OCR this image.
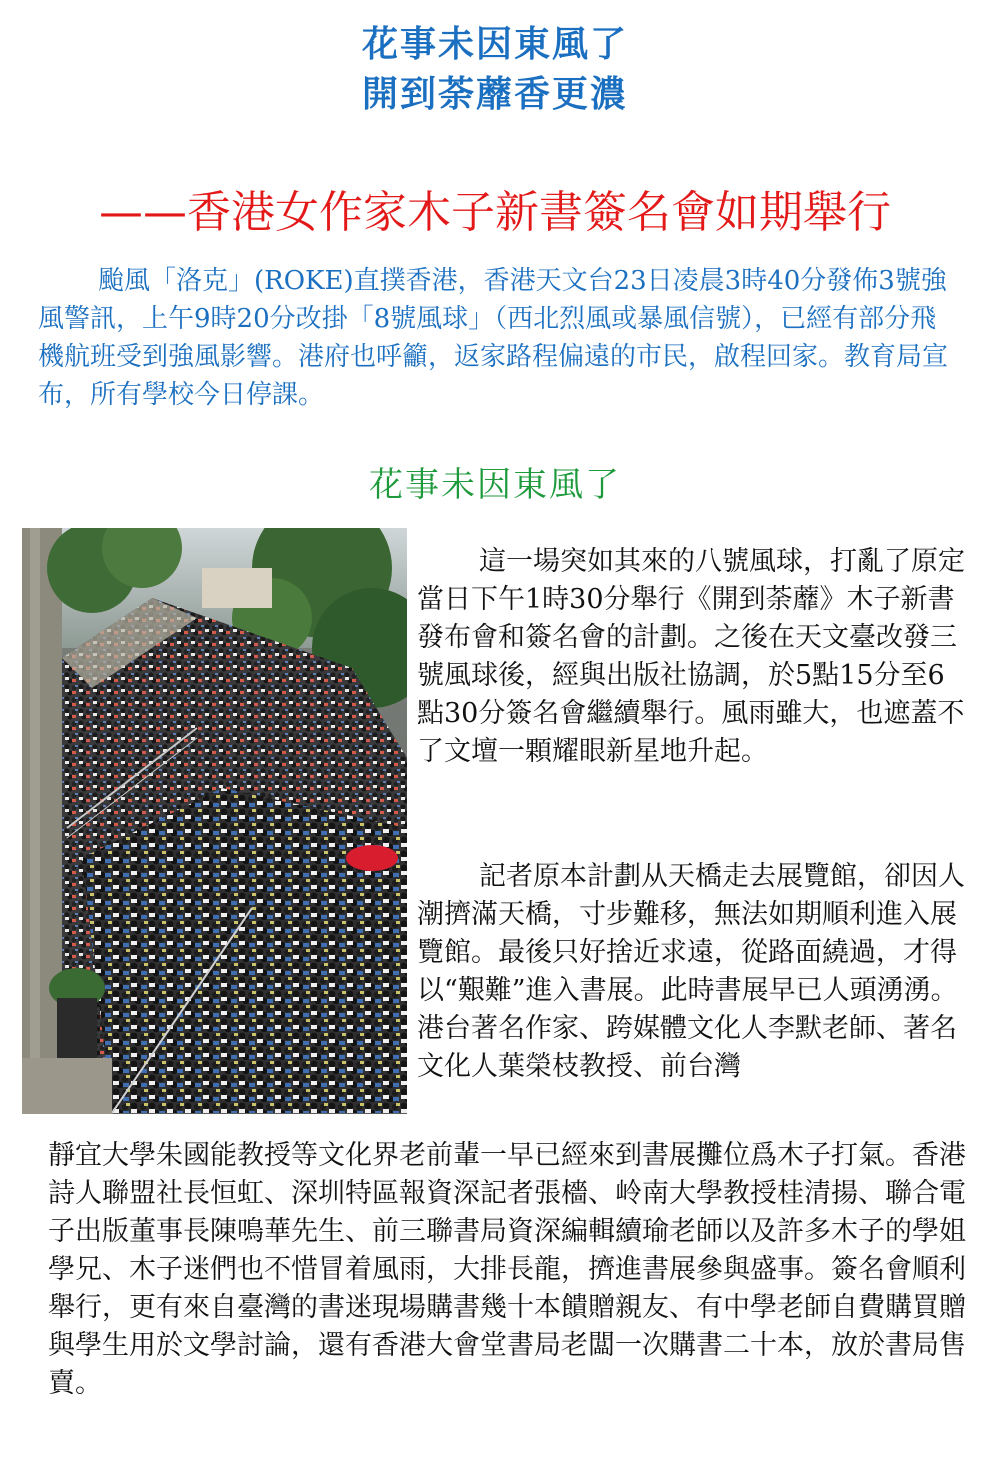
花事未因東風了
開到荼蘼香更濃
——香港女作家木子新書簽名會如期舉行
颱風「洛克」(ROKE)直撲香港，香港天文台23日凌晨3時40分發佈3號強風警訊，上午9時20分改掛「8號風球」（西北烈風或暴風信號），已經有部分飛機航班受到強風影響。港府也呼籲，返家路程偏遠的市民，啟程回家。教育局宣布，所有學校今日停課。
花事未因東風了
這一場突如其來的八號風球，打亂了原定當日下午1時30分舉行《開到荼蘼》木子新書發布會和簽名會的計劃。之後在天文臺改發三號風球後，經與出版社協調，於5點15分至6點30分簽名會繼續舉行。風雨雖大，也遮蓋不了文壇一顆耀眼新星地升起。
記者原本計劃从天橋走去展覽館，卻因人潮擠滿天橋，寸步難移，無法如期順利進入展覽館。最後只好捨近求遠，從路面繞過，才得以“艱難”進入書展。此時書展早已人頭湧湧。港台著名作家、跨媒體文化人李默老師、著名文化人葉榮枝教授、前台灣
靜宜大學朱國能教授等文化界老前輩一早已經來到書展攤位爲木子打氣。香港詩人聯盟社長恒虹、深圳特區報資深記者張檣、岭南大學教授桂清揚、聯合電子出版董事長陳鳴華先生、前三聯書局資深編輯續瑜老師以及許多木子的學姐學兄、木子迷們也不惜冒着風雨，大排長龍，擠進書展參與盛事。簽名會順利舉行，更有來自臺灣的書迷現場購書幾十本饋贈親友、有中學老師自費購買贈與學生用於文學討論，還有香港大會堂書局老闆一次購書二十本，放於書局售賣。
